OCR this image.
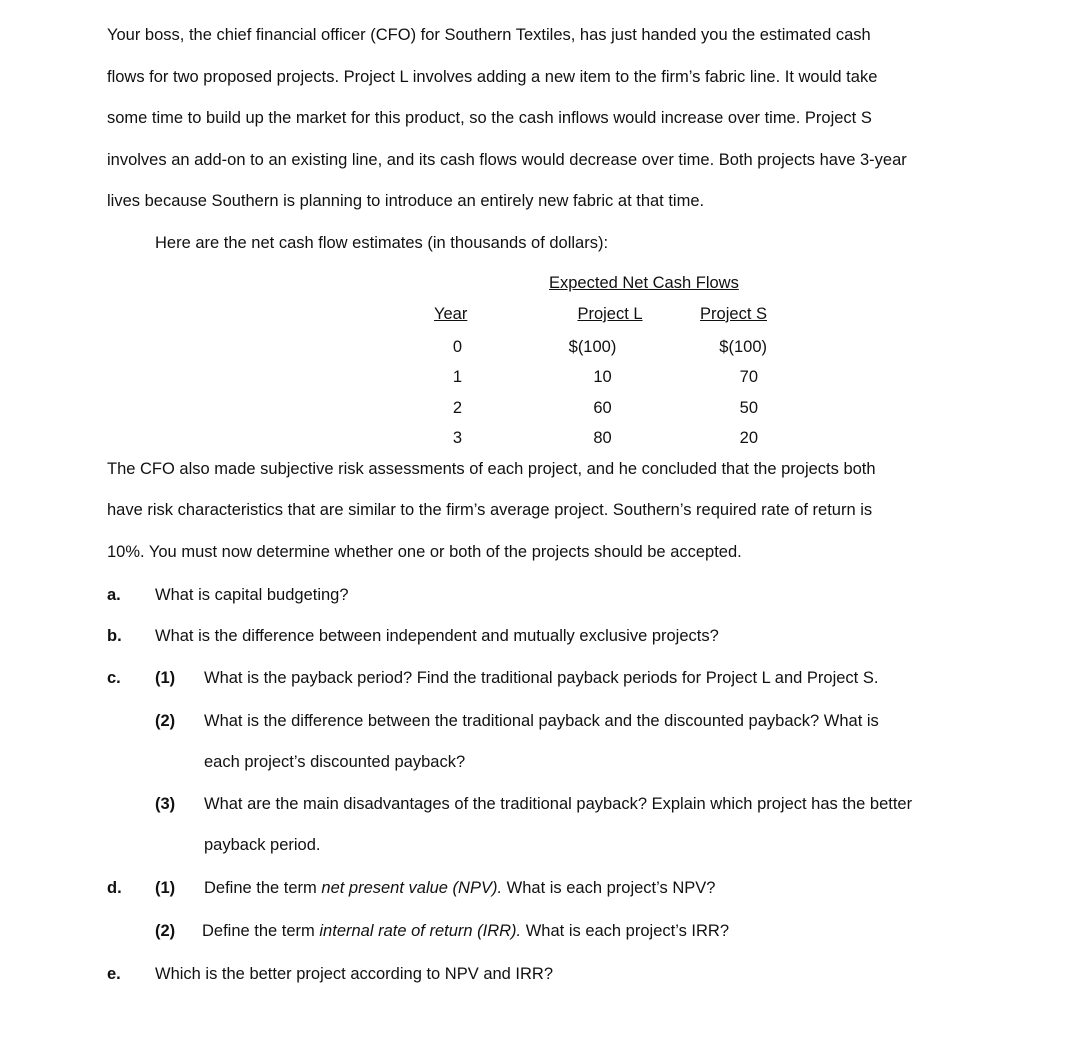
Your boss, the chief financial officer (CFO) for Southern Textiles, has just handed you the estimated cash
flows for two proposed projects. Project L involves adding a new item to the firm’s fabric line. It would take
some time to build up the market for this product, so the cash inflows would increase over time. Project S
involves an add-on to an existing line, and its cash flows would decrease over time. Both projects have 3-year
lives because Southern is planning to introduce an entirely new fabric at that time.
Here are the net cash flow estimates (in thousands of dollars):
Expected Net Cash Flows
Year	Project L	Project S
0	$(100)	$(100)
1	10	70
2	60	50
3	80	20
The CFO also made subjective risk assessments of each project, and he concluded that the projects both
have risk characteristics that are similar to the firm’s average project. Southern’s required rate of return is
10%. You must now determine whether one or both of the projects should be accepted.
a. What is capital budgeting?
b. What is the difference between independent and mutually exclusive projects?
c. (1) What is the payback period? Find the traditional payback periods for Project L and Project S.
(2) What is the difference between the traditional payback and the discounted payback? What is
each project’s discounted payback?
(3) What are the main disadvantages of the traditional payback? Explain which project has the better
payback period.
d. (1) Define the term net present value (NPV). What is each project’s NPV?
(2) Define the term internal rate of return (IRR). What is each project’s IRR?
e. Which is the better project according to NPV and IRR?
